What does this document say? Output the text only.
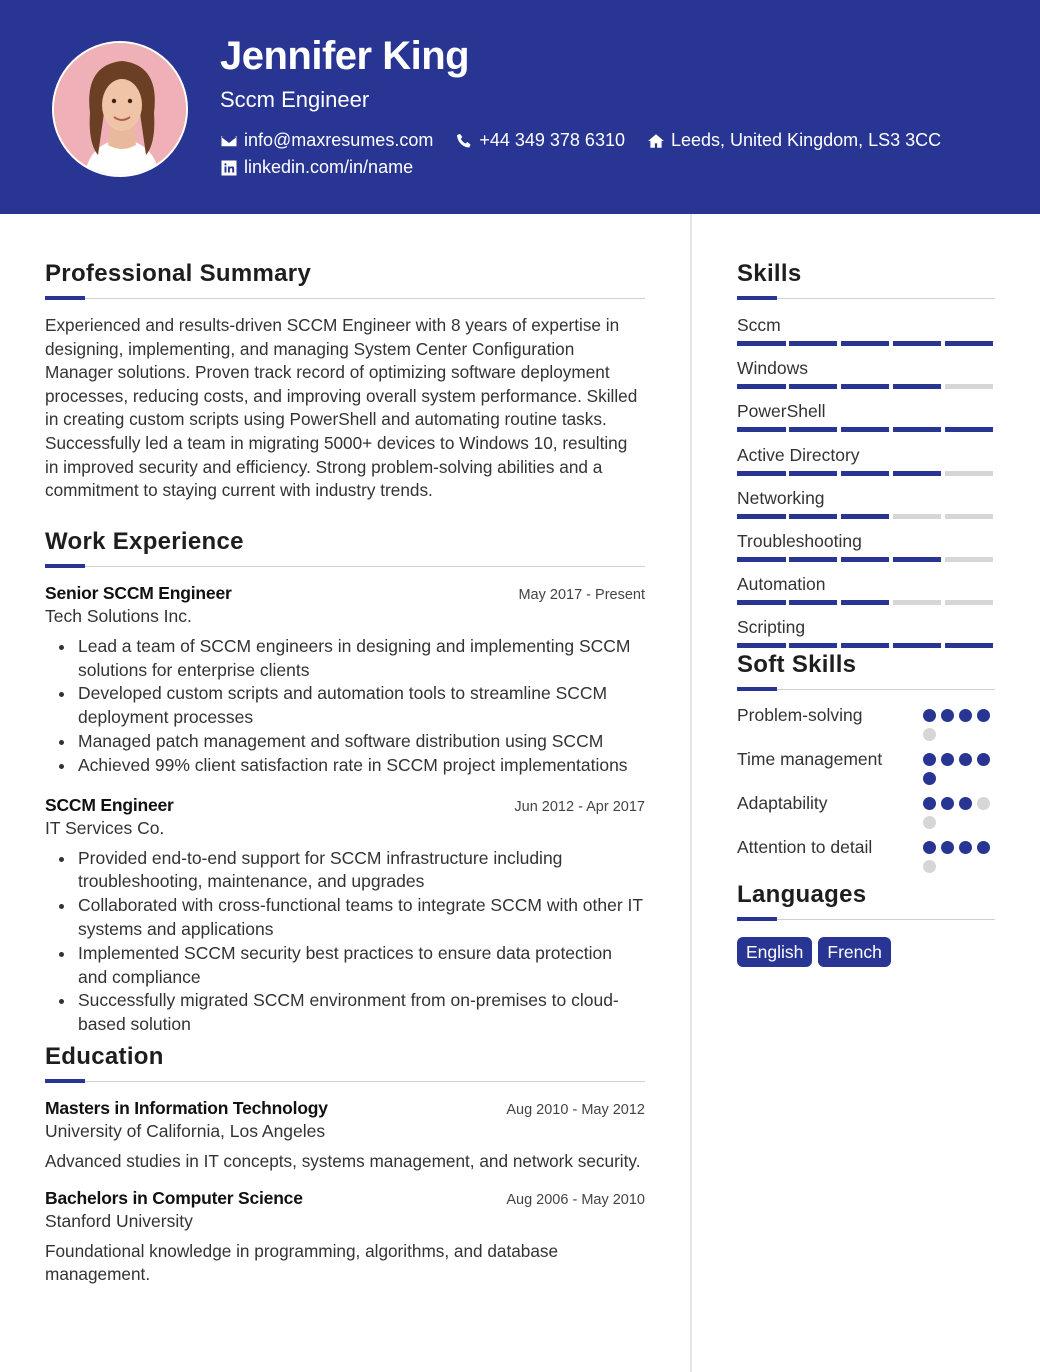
Jennifer King
Sccm Engineer
info@maxresumes.com	+44 349 378 6310	Leeds, United Kingdom, LS3 3CC
linkedin.com/in/name
Professional Summary

Experienced and results-driven SCCM Engineer with 8 years of expertise in designing, implementing, and managing System Center Configuration Manager solutions. Proven track record of optimizing software deployment processes, reducing costs, and improving overall system performance. Skilled in creating custom scripts using PowerShell and automating routine tasks. Successfully led a team in migrating 5000+ devices to Windows 10, resulting in improved security and efficiency. Strong problem-solving abilities and a commitment to staying current with industry trends.

Work Experience
Senior SCCM Engineer	May 2017 - Present
Tech Solutions Inc.
Lead a team of SCCM engineers in designing and implementing SCCM solutions for enterprise clients
Developed custom scripts and automation tools to streamline SCCM deployment processes
Managed patch management and software distribution using SCCM
Achieved 99% client satisfaction rate in SCCM project implementations
SCCM Engineer	Jun 2012 - Apr 2017
IT Services Co.
Provided end-to-end support for SCCM infrastructure including troubleshooting, maintenance, and upgrades
Collaborated with cross-functional teams to integrate SCCM with other IT systems and applications
Implemented SCCM security best practices to ensure data protection and compliance
Successfully migrated SCCM environment from on-premises to cloud-based solution
Education
Masters in Information Technology	Aug 2010 - May 2012
University of California, Los Angeles

Advanced studies in IT concepts, systems management, and network security.

Bachelors in Computer Science	Aug 2006 - May 2010
Stanford University

Foundational knowledge in programming, algorithms, and database management.

Skills
Sccm
Windows
PowerShell
Active Directory
Networking
Troubleshooting
Automation
Scripting
Soft Skills
Problem-solving
Time management
Adaptability
Attention to detail
Languages
English	French
